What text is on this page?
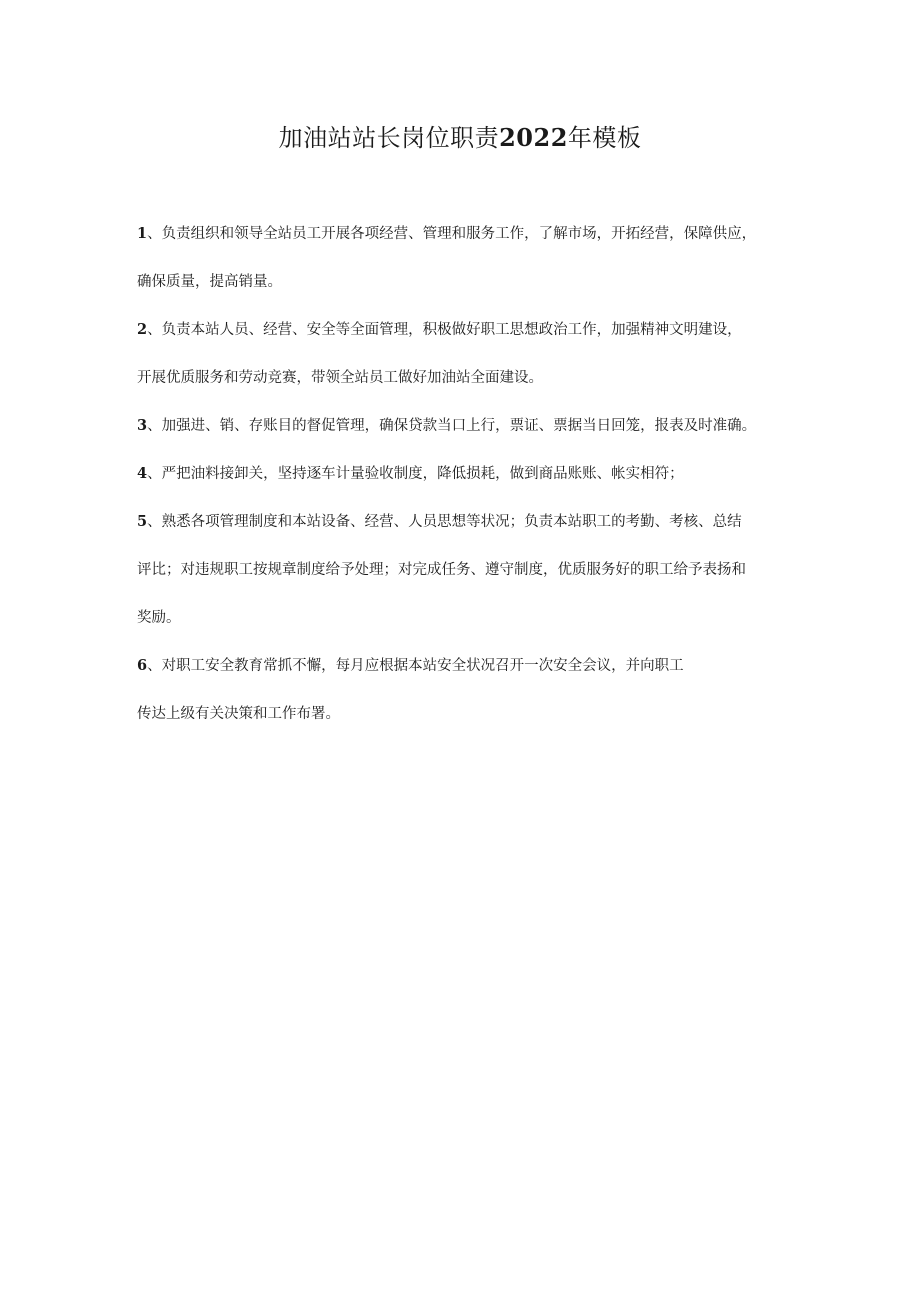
加油站站长岗位职责2022年模板
1、负责组织和领导全站员工开展各项经营、管理和服务工作，了解市场，开拓经营，保障供应，
确保质量，提高销量。
2、负责本站人员、经营、安全等全面管理，积极做好职工思想政治工作，加强精神文明建设，
开展优质服务和劳动竞赛，带领全站员工做好加油站全面建设。
3、加强进、销、存账目的督促管理，确保贷款当口上行，票证、票据当日回笼，报表及时准确。
4、严把油料接卸关，坚持逐车计量验收制度，降低损耗，做到商品账账、帐实相符；
5、熟悉各项管理制度和本站设备、经营、人员思想等状况；负责本站职工的考勤、考核、总结
评比；对违规职工按规章制度给予处理；对完成任务、遵守制度，优质服务好的职工给予表扬和
奖励。
6、对职工安全教育常抓不懈，每月应根据本站安全状况召开一次安全会议，并向职工
传达上级有关决策和工作布署。
